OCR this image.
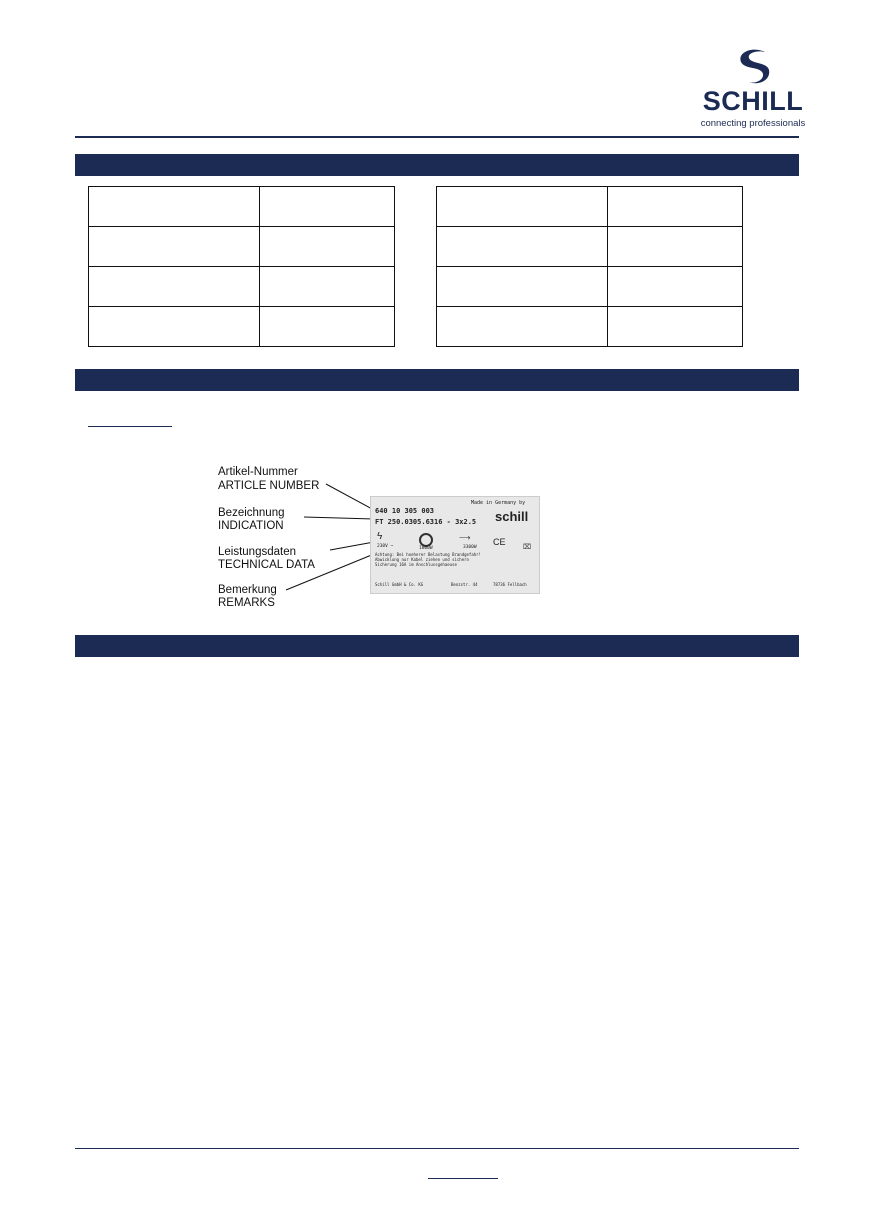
SCHILL
connecting professionals

Artikel-Nummer
ARTICLE NUMBER
Bezeichnung
INDICATION
Leistungsdaten
TECHNICAL DATA
Bemerkung
REMARKS
Made in Germany by
640 10 305 003
FT 250.0305.6316 - 3x2.5 schill
ϟ
230V ~	1800W
⟶
3300W
CE
⌧
Achtung: Bei hoeherer Belastung Brandgefahr!
Abwicklung nur Kabel ziehen und sichern
Sicherung 16A im Anschlussgehaeuse
Schill GmbH & Co. KG	Benzstr. 44	78736 Fellbach
